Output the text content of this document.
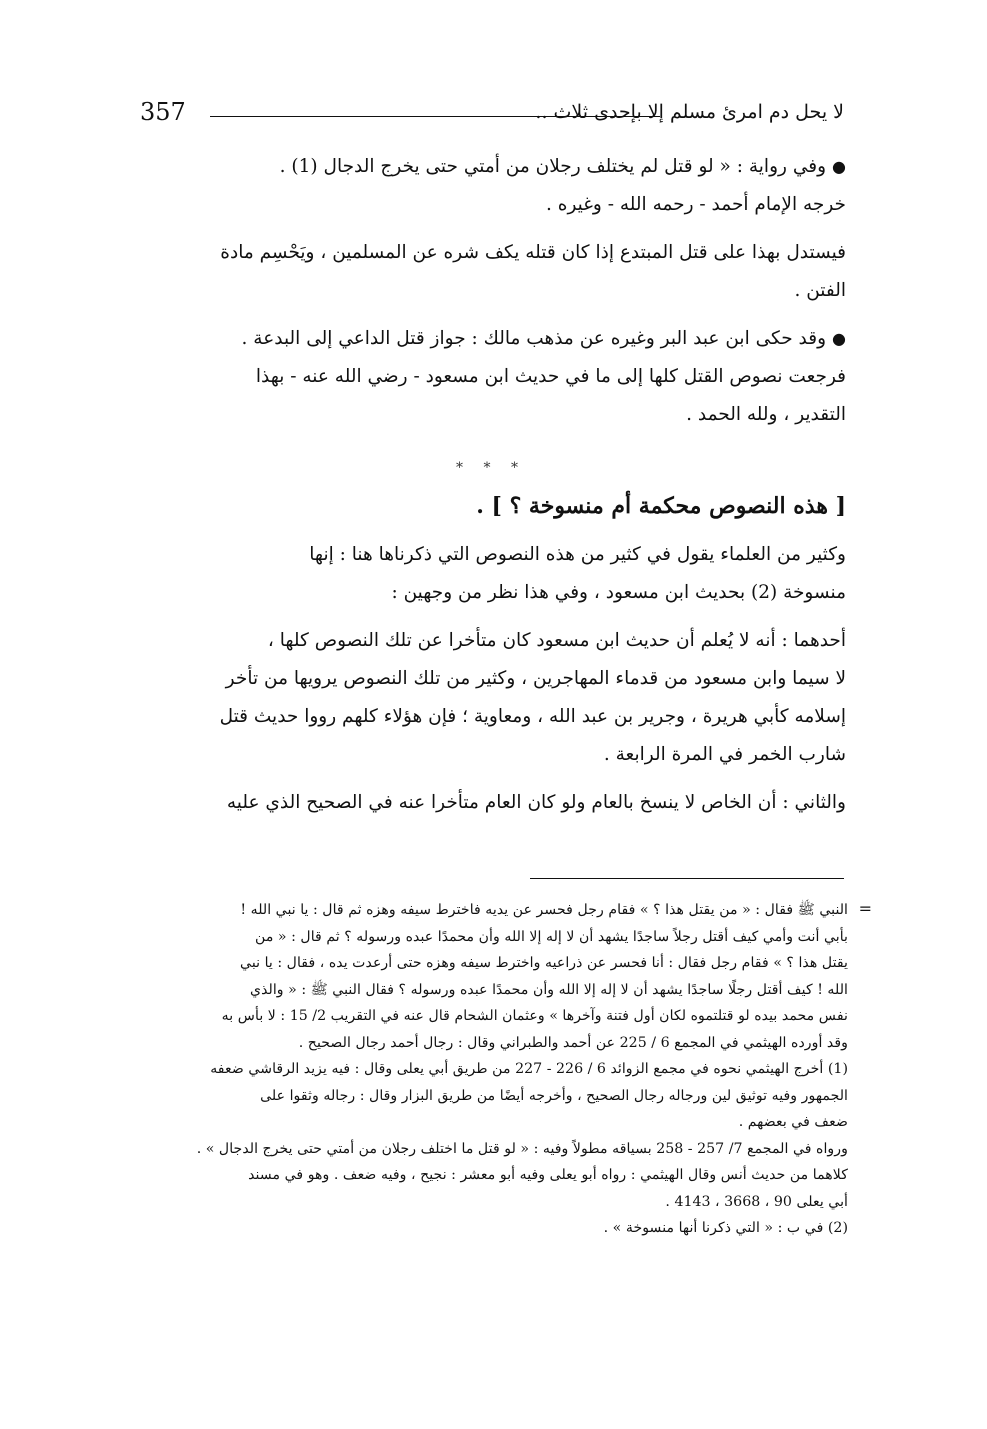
357	لا يحل دم امرئ مسلم إلا بإحدى ثلاث ..

●وفي رواية : « لو قتل لم يختلف رجلان من أمتي حتى يخرج الدجال (1) .
خرجه الإمام أحمد - رحمه الله - وغيره .

فيستدل بهذا على قتل المبتدع إذا كان قتله يكف شره عن المسلمين ، ويَحْسِم مادة
الفتن .

●وقد حكى ابن عبد البر وغيره عن مذهب مالك : جواز قتل الداعي إلى البدعة .
فرجعت نصوص القتل كلها إلى ما في حديث ابن مسعود - رضي الله عنه - بهذا
التقدير ، ولله الحمد .

* * *
[ هذه النصوص محكمة أم منسوخة ؟ ] .

وكثير من العلماء يقول في كثير من هذه النصوص التي ذكرناها هنا : إنها
منسوخة (2) بحديث ابن مسعود ، وفي هذا نظر من وجهين :

أحدهما : أنه لا يُعلم أن حديث ابن مسعود كان متأخرا عن تلك النصوص كلها ،
لا سيما وابن مسعود من قدماء المهاجرين ، وكثير من تلك النصوص يرويها من تأخر
إسلامه كأبي هريرة ، وجرير بن عبد الله ، ومعاوية ؛ فإن هؤلاء كلهم رووا حديث قتل
شارب الخمر في المرة الرابعة .

والثاني : أن الخاص لا ينسخ بالعام ولو كان العام متأخرا عنه في الصحيح الذي عليه

=

النبي ﷺ فقال : « من يقتل هذا ؟ » فقام رجل فحسر عن يديه فاخترط سيفه وهزه ثم قال : يا نبي الله !
بأبي أنت وأمي كيف أقتل رجلاً ساجدًا يشهد أن لا إله إلا الله وأن محمدًا عبده ورسوله ؟ ثم قال : « من
يقتل هذا ؟ » فقام رجل فقال : أنا فحسر عن ذراعيه واخترط سيفه وهزه حتى أرعدت يده ، فقال : يا نبي
الله ! كيف أقتل رجلًا ساجدًا يشهد أن لا إله إلا الله وأن محمدًا عبده ورسوله ؟ فقال النبي ﷺ : « والذي
نفس محمد بيده لو قتلتموه لكان أول فتنة وآخرها » وعثمان الشحام قال عنه في التقريب 2/ 15 : لا بأس به
وقد أورده الهيثمي في المجمع 6 / 225 عن أحمد والطبراني وقال : رجال أحمد رجال الصحيح .

(1) أخرج الهيثمي نحوه في مجمع الزوائد 6 / 226 - 227 من طريق أبي يعلى وقال : فيه يزيد الرقاشي ضعفه
الجمهور وفيه توثيق لين ورجاله رجال الصحيح ، وأخرجه أيضًا من طريق البزار وقال : رجاله وثقوا على
ضعف في بعضهم .

ورواه في المجمع 7/ 257 - 258 بسياقه مطولاً وفيه : « لو قتل ما اختلف رجلان من أمتي حتى يخرج الدجال » .
كلاهما من حديث أنس وقال الهيثمي : رواه أبو يعلى وفيه أبو معشر : نجيح ، وفيه ضعف . وهو في مسند
أبي يعلى 90 ، 3668 ، 4143 .

(2) في ب : « التي ذكرنا أنها منسوخة » .
